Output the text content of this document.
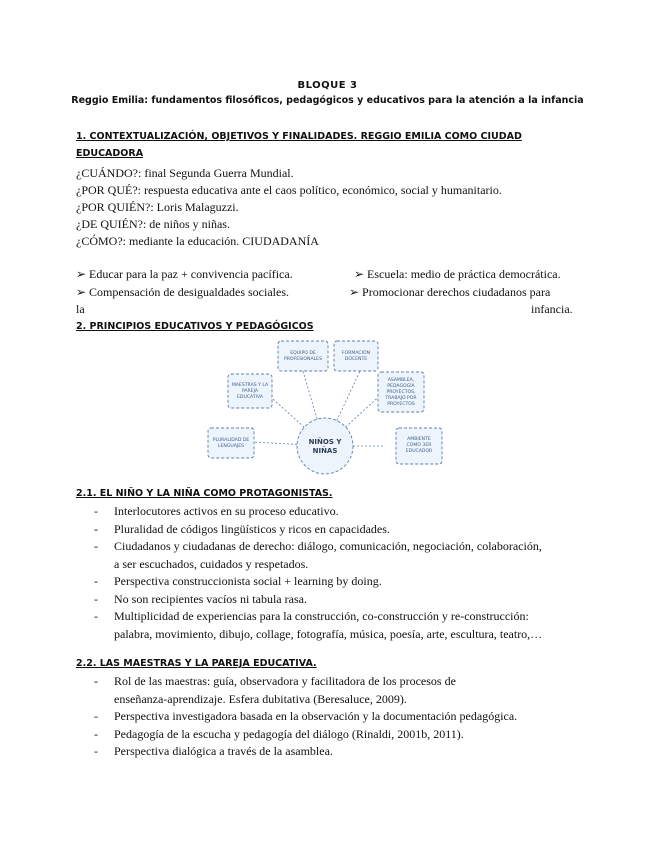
BLOQUE 3
Reggio Emilia: fundamentos filosóficos, pedagógicos y educativos para la atención a la infancia
1. CONTEXTUALIZACIÓN, OBJETIVOS Y FINALIDADES. REGGIO EMILIA COMO CIUDAD
EDUCADORA
¿CUÁNDO?: final Segunda Guerra Mundial.
¿POR QUÉ?: respuesta educativa ante el caos político, económico, social y humanitario.
¿POR QUIÉN?: Loris Malaguzzi.
¿DE QUIÉN?: de niños y niñas.
¿CÓMO?: mediante la educación. CIUDADANÍA
➢ Educar para la paz + convivencia pacífica.	➢ Escuela: medio de práctica democrática.
➢ Compensación de desigualdades sociales.	➢ Promocionar derechos ciudadanos para
la	infancia.
2. PRINCIPIOS EDUCATIVOS Y PEDAGÓGICOS
EQUIPO DE
PROFESIONALES
FORMACIÓN
DOCENTE
MAESTRAS Y LA
PAREJA
EDUCATIVA
ASAMBLEA,
PEDAGOGÍA
PROYECTOS,
TRABAJO POR
PROYECTOS
PLURALIDAD DE
LENGUAJES
AMBIENTE
COMO 3ER
EDUCADOR
NIÑOS Y
NIÑAS
2.1. EL NIÑO Y LA NIÑA COMO PROTAGONISTAS.
- Interlocutores activos en su proceso educativo.
- Pluralidad de códigos lingüísticos y ricos en capacidades.
- Ciudadanos y ciudadanas de derecho: diálogo, comunicación, negociación, colaboración,
a ser escuchados, cuidados y respetados.
- Perspectiva construccionista social + learning by doing.
- No son recipientes vacíos ni tabula rasa.
- Multiplicidad de experiencias para la construcción, co-construcción y re-construcción:
palabra, movimiento, dibujo, collage, fotografía, música, poesía, arte, escultura, teatro,…
2.2. LAS MAESTRAS Y LA PAREJA EDUCATIVA.
- Rol de las maestras: guía, observadora y facilitadora de los procesos de
enseñanza-aprendizaje. Esfera dubitativa (Beresaluce, 2009).
- Perspectiva investigadora basada en la observación y la documentación pedagógica.
- Pedagogía de la escucha y pedagogía del diálogo (Rinaldi, 2001b, 2011).
- Perspectiva dialógica a través de la asamblea.
